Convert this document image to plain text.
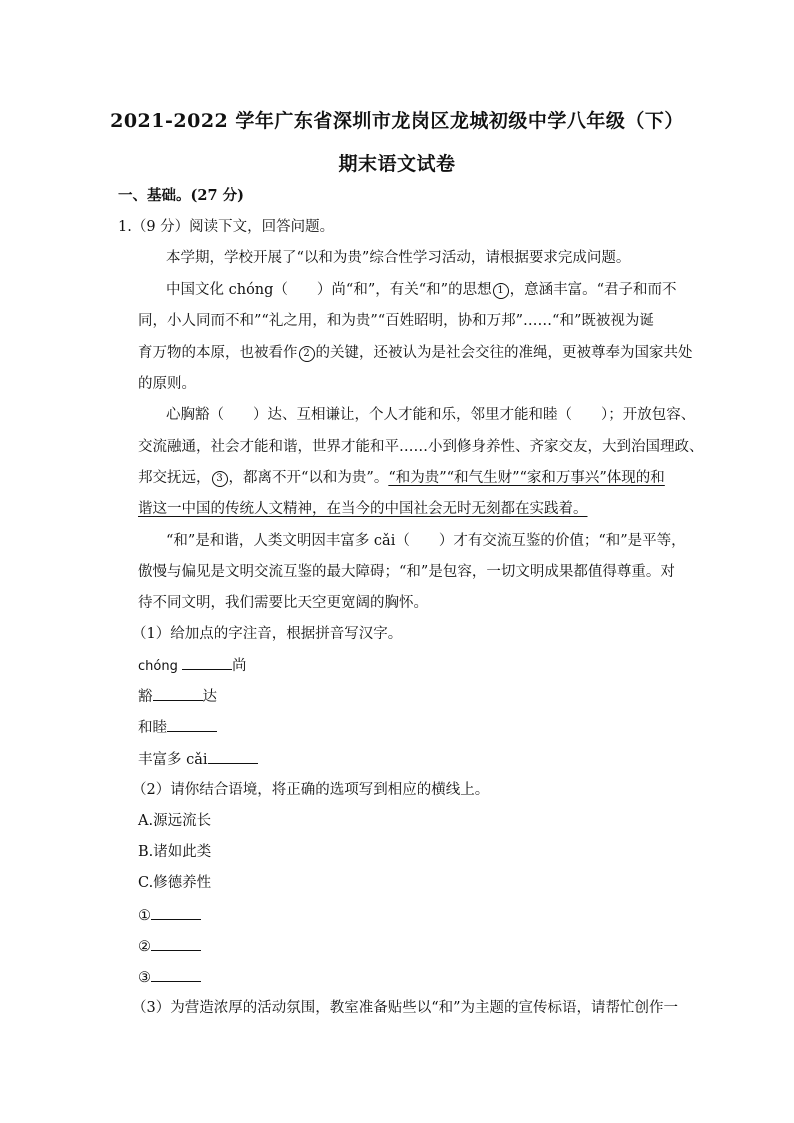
2021-2022 学年广东省深圳市龙岗区龙城初级中学八年级（下）
期末语文试卷
一、基础。(27 分)
1.（9 分）阅读下文，回答问题。
本学期，学校开展了“以和为贵”综合性学习活动，请根据要求完成问题。
中国文化 chóng（　　）尚“和”，有关“和”的思想 1 ，意涵丰富。“君子和而不
同，小人同而不和”“礼之用，和为贵”“百姓昭明，协和万邦”……“和”既被视为诞
育万物的本原，也被看作 2 的关键，还被认为是社会交往的准绳，更被尊奉为国家共处
的原则。
心胸豁（　　）达、互相谦让，个人才能和乐，邻里才能和睦（　　）；开放包容、
交流融通，社会才能和谐，世界才能和平……小到修身养性、齐家交友，大到治国理政、
邦交抚远， 3 ，都离不开“以和为贵”。“和为贵”“和气生财”“家和万事兴”体现的和
谐这一中国的传统人文精神，在当今的中国社会无时无刻都在实践着。
“和”是和谐，人类文明因丰富多 cǎi（　　）才有交流互鉴的价值；“和”是平等，
傲慢与偏见是文明交流互鉴的最大障碍；“和”是包容，一切文明成果都值得尊重。对
待不同文明，我们需要比天空更宽阔的胸怀。
（1）给加点的字注音，根据拼音写汉字。
chóng	尚
豁	达
和睦
丰富多 cǎi
（2）请你结合语境，将正确的选项写到相应的横线上。
A.源远流长
B.诸如此类
C.修德养性
①
②
③
（3）为营造浓厚的活动氛围，教室准备贴些以“和”为主题的宣传标语，请帮忙创作一
